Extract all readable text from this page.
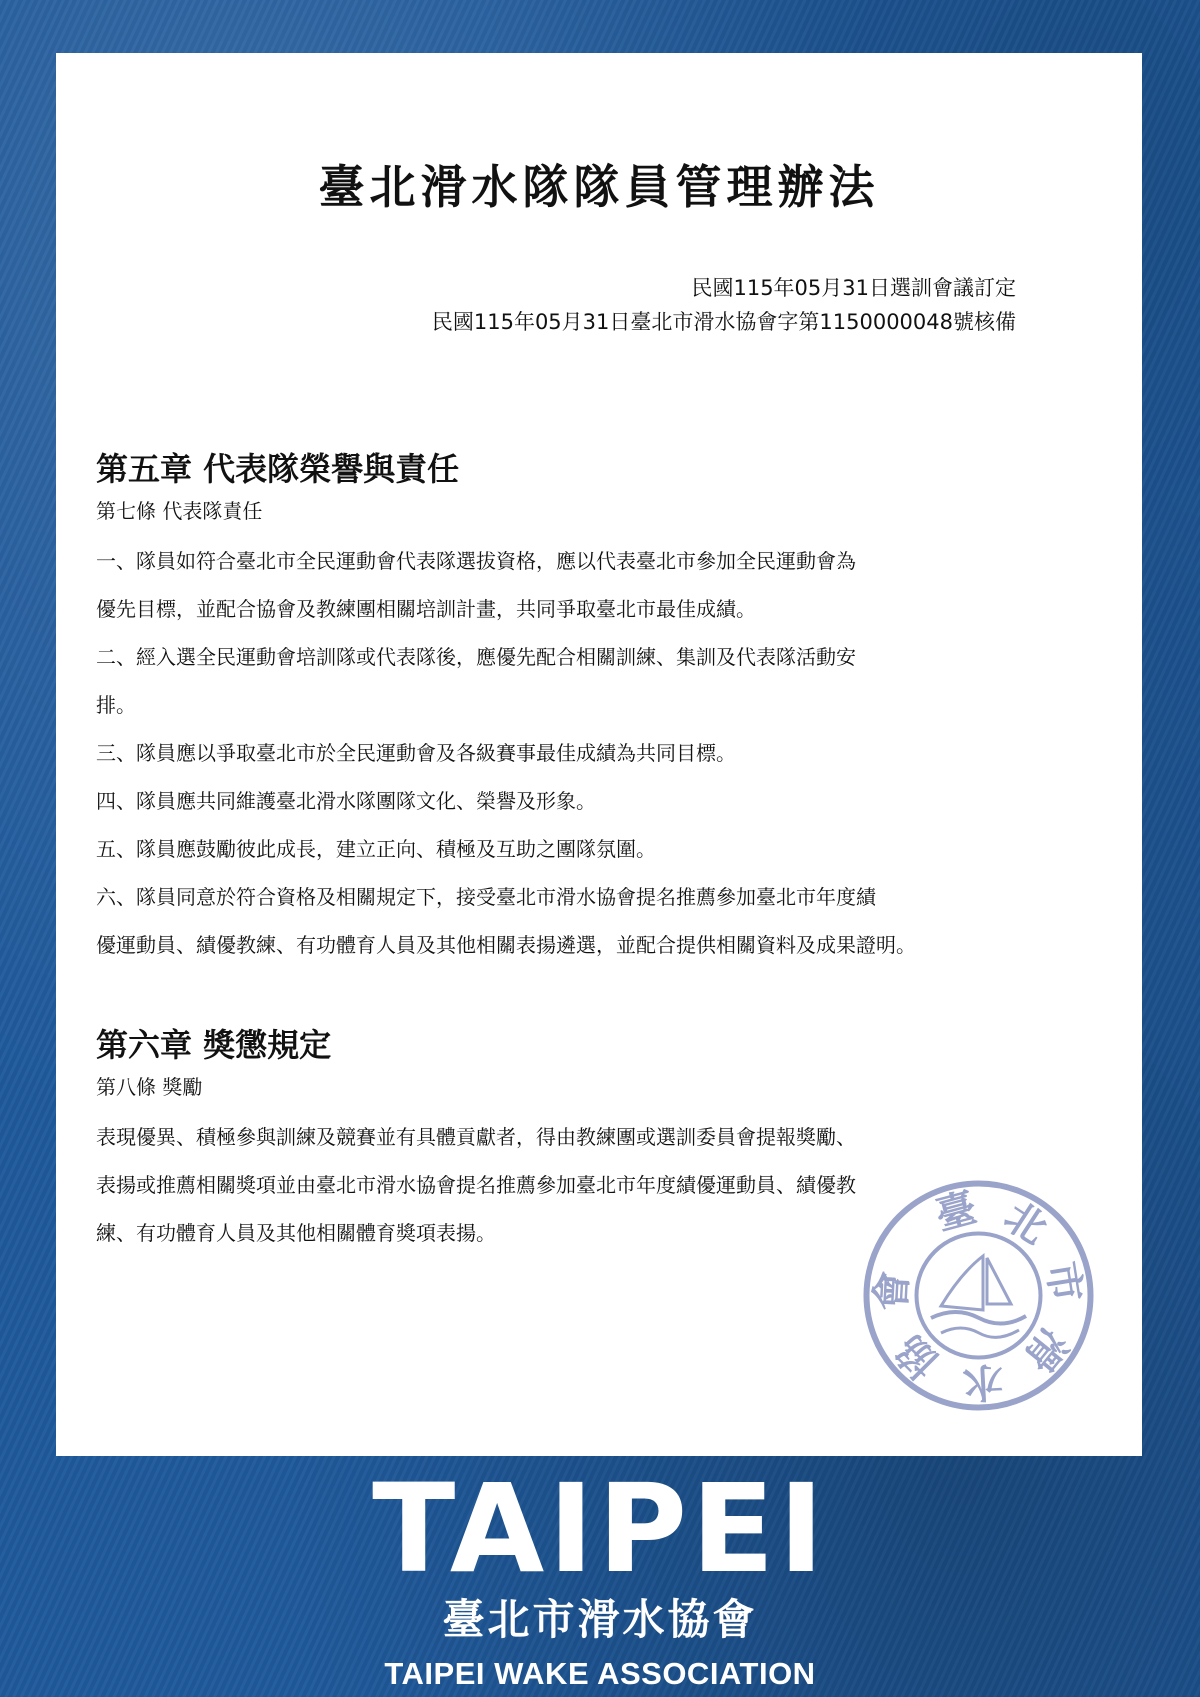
臺北滑水隊隊員管理辦法
民國115年05月31日選訓會議訂定
民國115年05月31日臺北市滑水協會字第1150000048號核備
第五章 代表隊榮譽與責任
第七條 代表隊責任

一、隊員如符合臺北市全民運動會代表隊選拔資格，應以代表臺北市參加全民運動會為

優先目標，並配合協會及教練團相關培訓計畫，共同爭取臺北市最佳成績。

二、經入選全民運動會培訓隊或代表隊後，應優先配合相關訓練、集訓及代表隊活動安

排。

三、隊員應以爭取臺北市於全民運動會及各級賽事最佳成績為共同目標。

四、隊員應共同維護臺北滑水隊團隊文化、榮譽及形象。

五、隊員應鼓勵彼此成長，建立正向、積極及互助之團隊氛圍。

六、隊員同意於符合資格及相關規定下，接受臺北市滑水協會提名推薦參加臺北市年度績

優運動員、績優教練、有功體育人員及其他相關表揚遴選，並配合提供相關資料及成果證明。

第六章 獎懲規定
第八條 獎勵

表現優異、積極參與訓練及競賽並有具體貢獻者，得由教練團或選訓委員會提報獎勵、

表揚或推薦相關獎項並由臺北市滑水協會提名推薦參加臺北市年度績優運動員、績優教

練、有功體育人員及其他相關體育獎項表揚。	臺 北
市
滑
水
協
會
TAIPEI
臺北市滑水協會
TAIPEI WAKE ASSOCIATION
